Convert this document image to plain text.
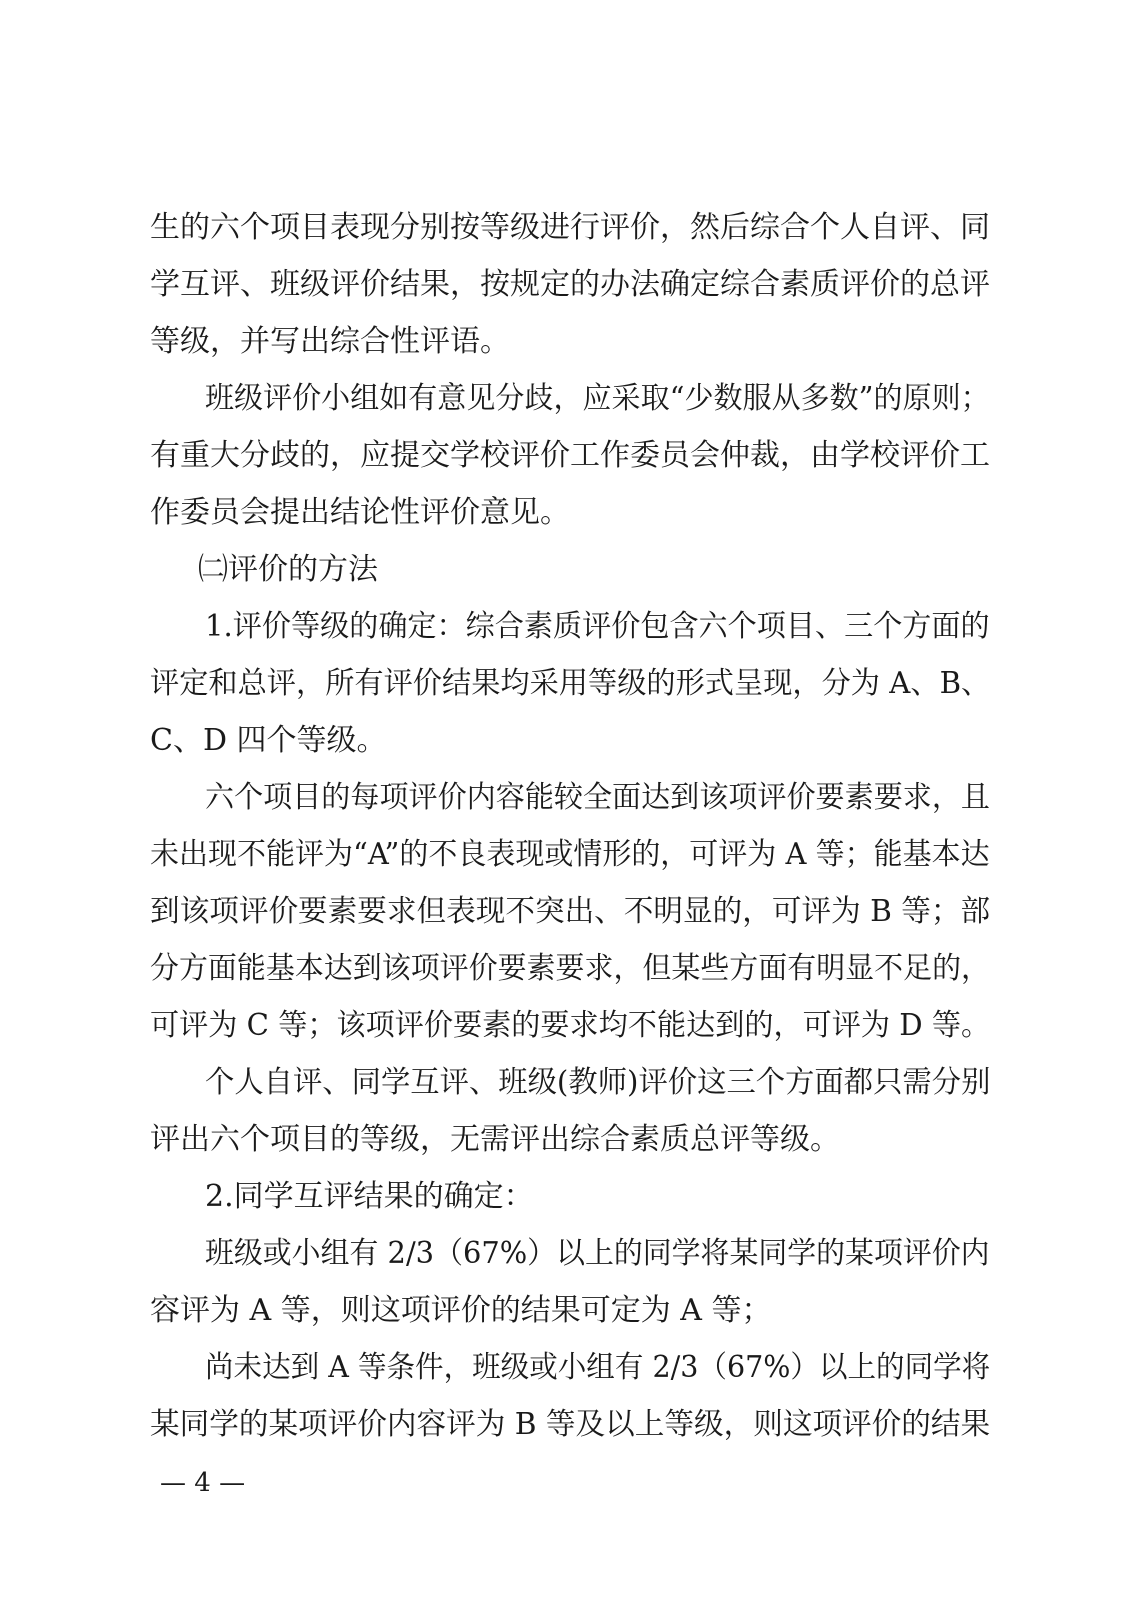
生的六个项目表现分别按等级进行评价，然后综合个人自评、同
学互评、班级评价结果，按规定的办法确定综合素质评价的总评
等级，并写出综合性评语。
班级评价小组如有意见分歧，应采取“少数服从多数”的原则；
有重大分歧的，应提交学校评价工作委员会仲裁，由学校评价工
作委员会提出结论性评价意见。
㈡评价的方法
1.评价等级的确定：综合素质评价包含六个项目、三个方面的
评定和总评，所有评价结果均采用等级的形式呈现，分为 A、B、
C、D 四个等级。
六个项目的每项评价内容能较全面达到该项评价要素要求，且
未出现不能评为“A”的不良表现或情形的，可评为 A 等；能基本达
到该项评价要素要求但表现不突出、不明显的，可评为 B 等；部
分方面能基本达到该项评价要素要求，但某些方面有明显不足的，
可评为 C 等；该项评价要素的要求均不能达到的，可评为 D 等。
个人自评、同学互评、班级(教师)评价这三个方面都只需分别
评出六个项目的等级，无需评出综合素质总评等级。
2.同学互评结果的确定：
班级或小组有 2/3（67%）以上的同学将某同学的某项评价内
容评为 A 等，则这项评价的结果可定为 A 等；
尚未达到 A 等条件，班级或小组有 2/3（67%）以上的同学将
某同学的某项评价内容评为 B 等及以上等级，则这项评价的结果
— 4 —
